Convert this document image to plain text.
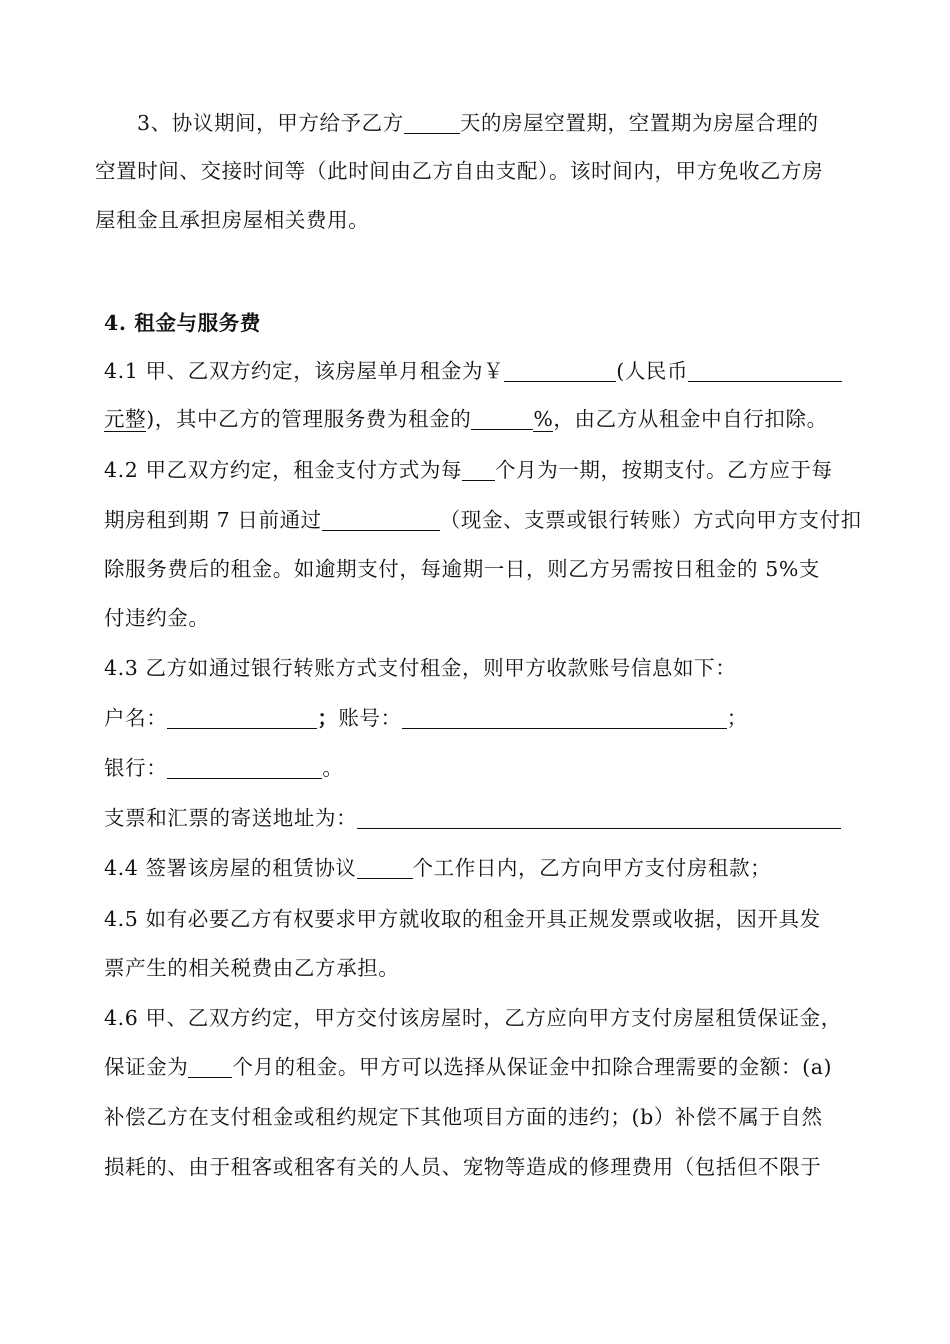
3、协议期间，甲方给予乙方	天的房屋空置期，空置期为房屋合理的
空置时间、交接时间等（此时间由乙方自由支配）。该时间内，甲方免收乙方房
屋租金且承担房屋相关费用。
4. 租金与服务费
4.1 甲、乙双方约定，该房屋单月租金为￥	(人民币
元整)，其中乙方的管理服务费为租金的	%，由乙方从租金中自行扣除。
4.2 甲乙双方约定，租金支付方式为每 个月为一期，按期支付。乙方应于每
期房租到期 7 日前通过	（现金、支票或银行转账）方式向甲方支付扣
除服务费后的租金。如逾期支付，每逾期一日，则乙方另需按日租金的 5%支
付违约金。
4.3 乙方如通过银行转账方式支付租金，则甲方收款账号信息如下：
户名：	；账号：	；
银行：	。
支票和汇票的寄送地址为：
4.4 签署该房屋的租赁协议	个工作日内，乙方向甲方支付房租款；
4.5 如有必要乙方有权要求甲方就收取的租金开具正规发票或收据，因开具发
票产生的相关税费由乙方承担。
4.6 甲、乙双方约定，甲方交付该房屋时，乙方应向甲方支付房屋租赁保证金，
保证金为 个月的租金。甲方可以选择从保证金中扣除合理需要的金额：(a)
补偿乙方在支付租金或租约规定下其他项目方面的违约；(b）补偿不属于自然
损耗的、由于租客或租客有关的人员、宠物等造成的修理费用（包括但不限于
